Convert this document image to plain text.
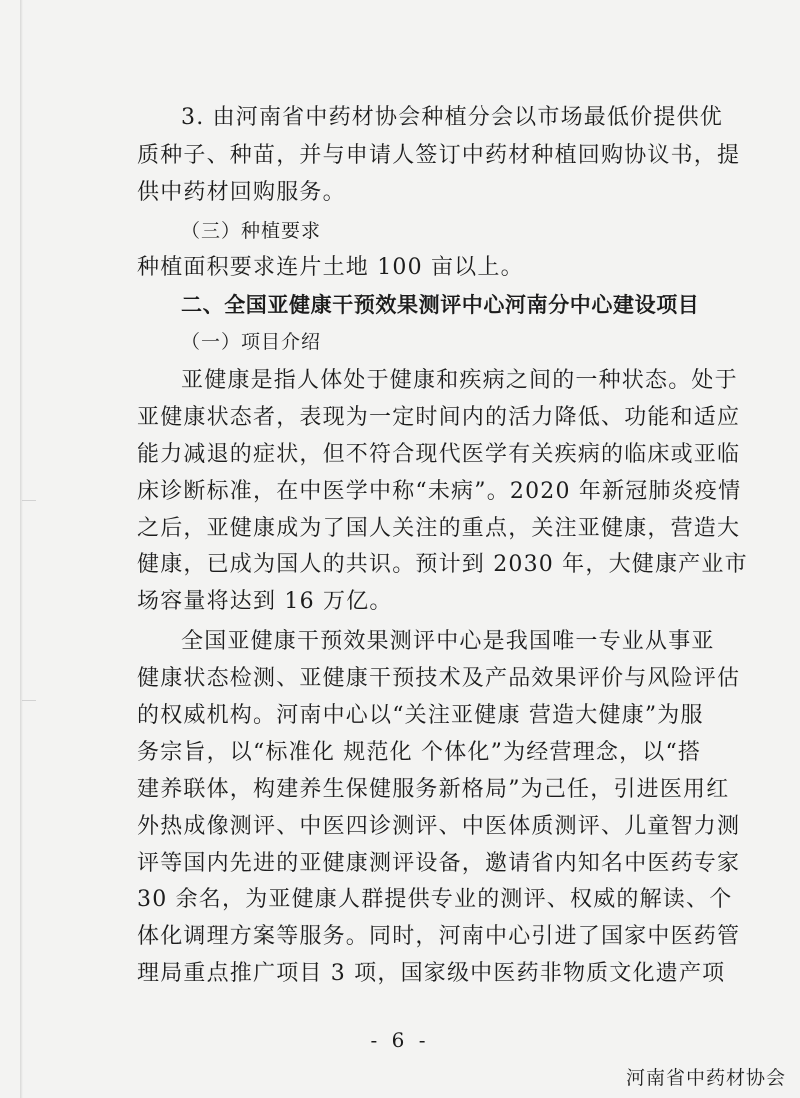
3. 由河南省中药材协会种植分会以市场最低价提供优
质种子、种苗，并与申请人签订中药材种植回购协议书，提
供中药材回购服务。
（三）种植要求
种植面积要求连片土地 100 亩以上。
二、全国亚健康干预效果测评中心河南分中心建设项目
（一）项目介绍
亚健康是指人体处于健康和疾病之间的一种状态。处于
亚健康状态者，表现为一定时间内的活力降低、功能和适应
能力减退的症状，但不符合现代医学有关疾病的临床或亚临
床诊断标准，在中医学中称“未病”。2020 年新冠肺炎疫情
之后，亚健康成为了国人关注的重点，关注亚健康，营造大
健康，已成为国人的共识。预计到 2030 年，大健康产业市
场容量将达到 16 万亿。
全国亚健康干预效果测评中心是我国唯一专业从事亚
健康状态检测、亚健康干预技术及产品效果评价与风险评估
的权威机构。河南中心以“关注亚健康 营造大健康”为服
务宗旨，以“标准化 规范化 个体化”为经营理念，以“搭
建养联体，构建养生保健服务新格局”为己任，引进医用红
外热成像测评、中医四诊测评、中医体质测评、儿童智力测
评等国内先进的亚健康测评设备，邀请省内知名中医药专家
30 余名，为亚健康人群提供专业的测评、权威的解读、个
体化调理方案等服务。同时，河南中心引进了国家中医药管
理局重点推广项目 3 项，国家级中医药非物质文化遗产项
- 6 -
河南省中药材协会
